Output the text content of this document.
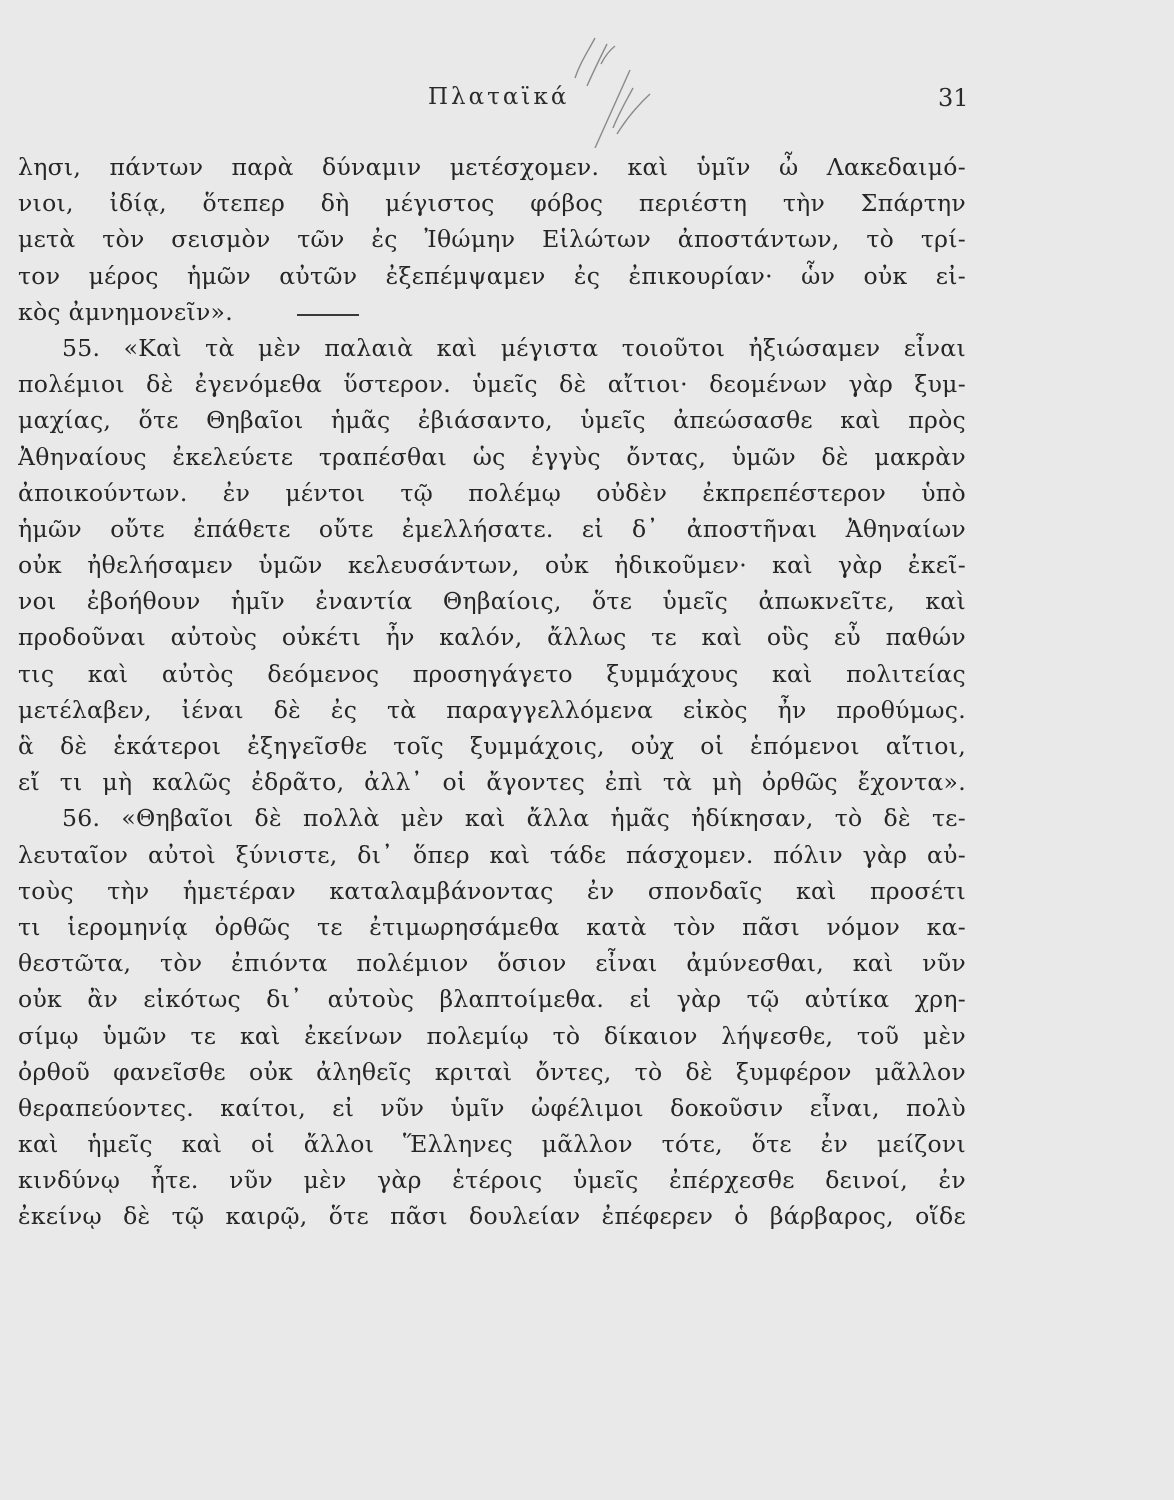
Πλαταϊκά	31
λησι, πάντων παρὰ δύναμιν μετέσχομεν. καὶ ὑμῖν ὦ Λακεδαιμό-
νιοι, ἰδίᾳ, ὅτεπερ δὴ μέγιστος φόβος περιέστη τὴν Σπάρτην
μετὰ τὸν σεισμὸν τῶν ἐς Ἰθώμην Εἱλώτων ἀποστάντων, τὸ τρί-
τον μέρος ἡμῶν αὐτῶν ἐξεπέμψαμεν ἐς ἐπικουρίαν· ὧν οὐκ εἰ-
κὸς ἀμνημονεῖν».
55. «Καὶ τὰ μὲν παλαιὰ καὶ μέγιστα τοιοῦτοι ἠξιώσαμεν εἶναι
πολέμιοι δὲ ἐγενόμεθα ὕστερον. ὑμεῖς δὲ αἴτιοι· δεομένων γὰρ ξυμ-
μαχίας, ὅτε Θηβαῖοι ἡμᾶς ἐβιάσαντο, ὑμεῖς ἀπεώσασθε καὶ πρὸς
Ἀθηναίους ἐκελεύετε τραπέσθαι ὡς ἐγγὺς ὄντας, ὑμῶν δὲ μακρὰν
ἀποικούντων. ἐν μέντοι τῷ πολέμῳ οὐδὲν ἐκπρεπέστερον ὑπὸ
ἡμῶν οὔτε ἐπάθετε οὔτε ἐμελλήσατε. εἰ δ᾽ ἀποστῆναι Ἀθηναίων
οὐκ ἠθελήσαμεν ὑμῶν κελευσάντων, οὐκ ἠδικοῦμεν· καὶ γὰρ ἐκεῖ-
νοι ἐβοήθουν ἡμῖν ἐναντία Θηβαίοις, ὅτε ὑμεῖς ἀπωκνεῖτε, καὶ
προδοῦναι αὐτοὺς οὐκέτι ἦν καλόν, ἄλλως τε καὶ οὓς εὖ παθών
τις καὶ αὐτὸς δεόμενος προσηγάγετο ξυμμάχους καὶ πολιτείας
μετέλαβεν, ἰέναι δὲ ἐς τὰ παραγγελλόμενα εἰκὸς ἦν προθύμως.
ἃ δὲ ἑκάτεροι ἐξηγεῖσθε τοῖς ξυμμάχοις, οὐχ οἱ ἑπόμενοι αἴτιοι,
εἴ τι μὴ καλῶς ἐδρᾶτο, ἀλλ᾽ οἱ ἄγοντες ἐπὶ τὰ μὴ ὀρθῶς ἔχοντα».
56. «Θηβαῖοι δὲ πολλὰ μὲν καὶ ἄλλα ἡμᾶς ἠδίκησαν, τὸ δὲ τε-
λευταῖον αὐτοὶ ξύνιστε, δι᾽ ὅπερ καὶ τάδε πάσχομεν. πόλιν γὰρ αὐ-
τοὺς τὴν ἡμετέραν καταλαμβάνοντας ἐν σπονδαῖς καὶ προσέτι
τι ἱερομηνίᾳ ὀρθῶς τε ἐτιμωρησάμεθα κατὰ τὸν πᾶσι νόμον κα-
θεστῶτα, τὸν ἐπιόντα πολέμιον ὅσιον εἶναι ἀμύνεσθαι, καὶ νῦν
οὐκ ἂν εἰκότως δι᾽ αὐτοὺς βλαπτοίμεθα. εἰ γὰρ τῷ αὐτίκα χρη-
σίμῳ ὑμῶν τε καὶ ἐκείνων πολεμίῳ τὸ δίκαιον λήψεσθε, τοῦ μὲν
ὀρθοῦ φανεῖσθε οὐκ ἀληθεῖς κριταὶ ὄντες, τὸ δὲ ξυμφέρον μᾶλλον
θεραπεύοντες. καίτοι, εἰ νῦν ὑμῖν ὠφέλιμοι δοκοῦσιν εἶναι, πολὺ
καὶ ἡμεῖς καὶ οἱ ἄλλοι Ἕλληνες μᾶλλον τότε, ὅτε ἐν μείζονι
κινδύνῳ ἦτε. νῦν μὲν γὰρ ἑτέροις ὑμεῖς ἐπέρχεσθε δεινοί, ἐν
ἐκείνῳ δὲ τῷ καιρῷ, ὅτε πᾶσι δουλείαν ἐπέφερεν ὁ βάρβαρος, οἵδε
